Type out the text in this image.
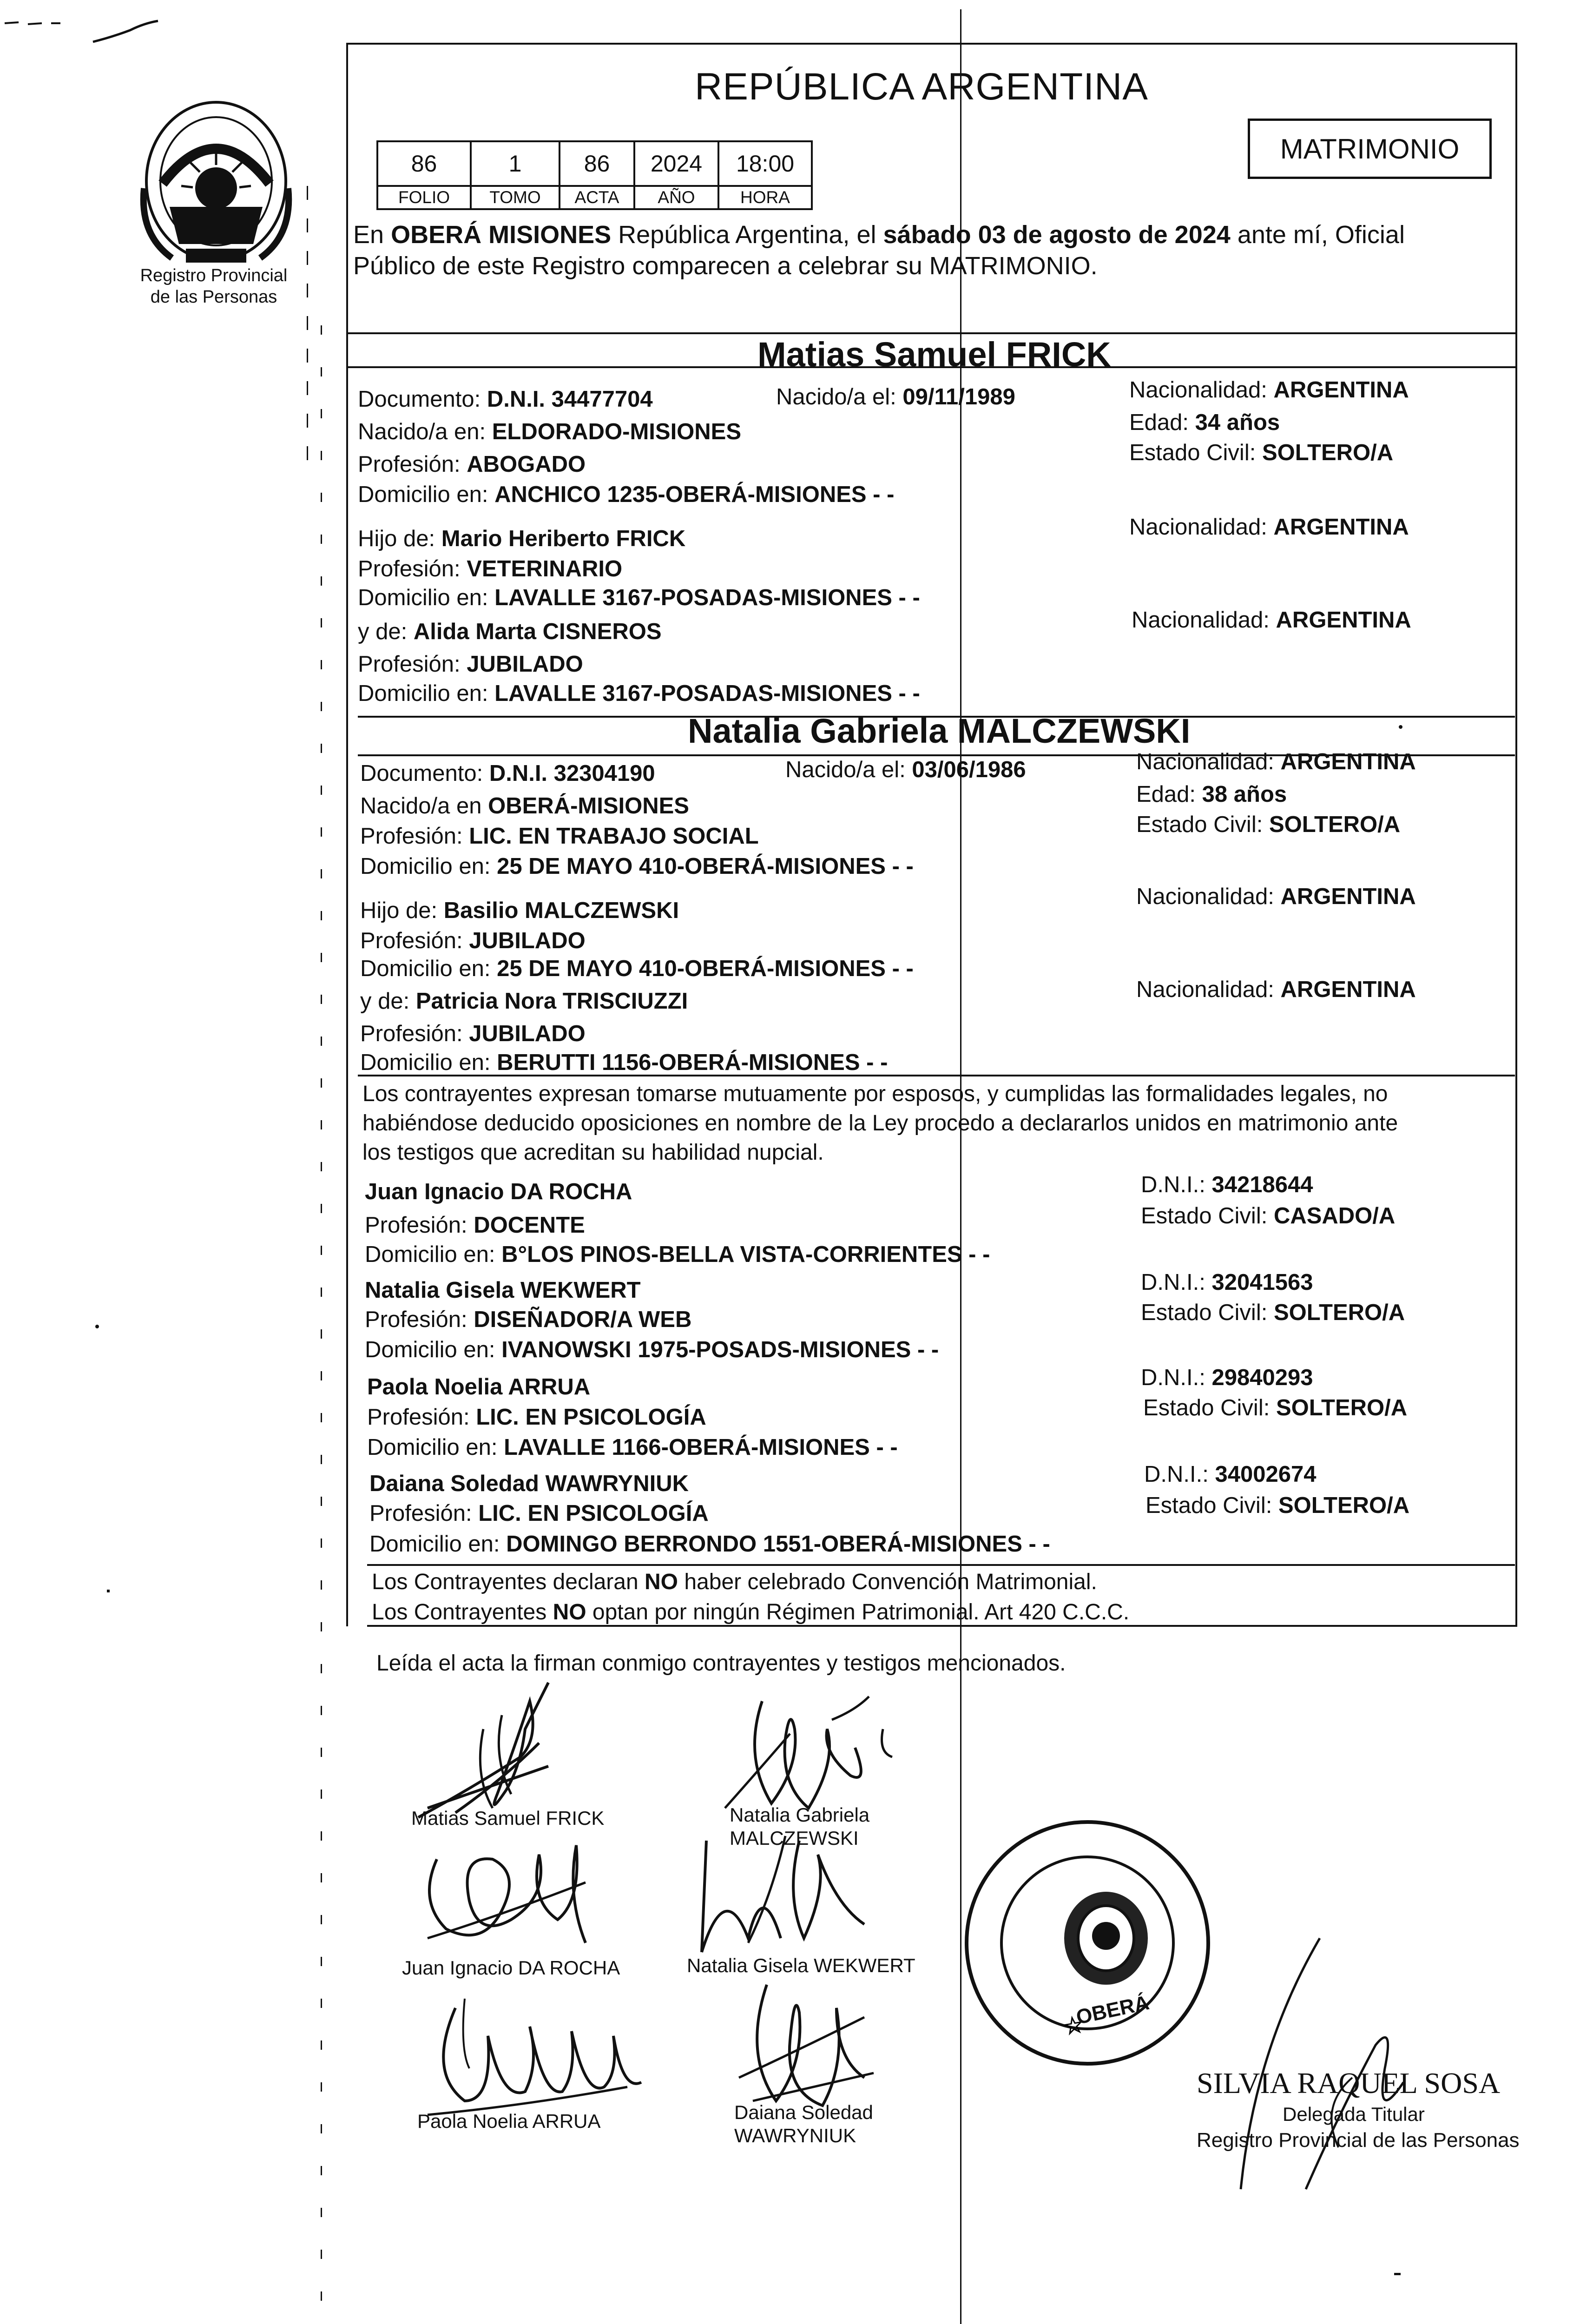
Registro Provincial
de las Personas
REPÚBLICA ARGENTINA
MATRIMONIO
86	1	86	2024	18:00
FOLIO	TOMO	ACTA	AÑO	HORA
En OBERÁ MISIONES República Argentina, el sábado 03 de agosto de 2024 ante mí, Oficial
Público de este Registro comparecen a celebrar su MATRIMONIO.
Matias Samuel FRICK
Documento: D.N.I. 34477704	Nacido/a el: 09/11/1989	Nacionalidad: ARGENTINA
Nacido/a en: ELDORADO-MISIONES	Edad: 34 años
Profesión: ABOGADO	Estado Civil: SOLTERO/A
Domicilio en: ANCHICO 1235-OBERÁ-MISIONES - -
Hijo de: Mario Heriberto FRICK	Nacionalidad: ARGENTINA
Profesión: VETERINARIO
Domicilio en: LAVALLE 3167-POSADAS-MISIONES - -
y de: Alida Marta CISNEROS	Nacionalidad: ARGENTINA
Profesión: JUBILADO
Domicilio en: LAVALLE 3167-POSADAS-MISIONES - -
Natalia Gabriela MALCZEWSKI
Documento: D.N.I. 32304190	Nacido/a el: 03/06/1986	Nacionalidad: ARGENTINA
Nacido/a en OBERÁ-MISIONES	Edad: 38 años
Profesión: LIC. EN TRABAJO SOCIAL	Estado Civil: SOLTERO/A
Domicilio en: 25 DE MAYO 410-OBERÁ-MISIONES - -
Hijo de: Basilio MALCZEWSKI
Nacionalidad: ARGENTINA
Profesión: JUBILADO
Domicilio en: 25 DE MAYO 410-OBERÁ-MISIONES - -
y de: Patricia Nora TRISCIUZZI	Nacionalidad: ARGENTINA
Profesión: JUBILADO
Domicilio en: BERUTTI 1156-OBERÁ-MISIONES - -
Los contrayentes expresan tomarse mutuamente por esposos, y cumplidas las formalidades legales, no
habiéndose deducido oposiciones en nombre de la Ley procedo a declararlos unidos en matrimonio ante
los testigos que acreditan su habilidad nupcial.
Juan Ignacio DA ROCHA
Profesión: DOCENTE
Domicilio en: B°LOS PINOS-BELLA VISTA-CORRIENTES - -
D.N.I.: 34218644
Estado Civil: CASADO/A
Natalia Gisela WEKWERT
Profesión: DISEÑADOR/A WEB
Domicilio en: IVANOWSKI 1975-POSADS-MISIONES - -
D.N.I.: 32041563
Estado Civil: SOLTERO/A
Paola Noelia ARRUA
Profesión: LIC. EN PSICOLOGÍA
Domicilio en: LAVALLE 1166-OBERÁ-MISIONES - -
D.N.I.: 29840293
Estado Civil: SOLTERO/A
Daiana Soledad WAWRYNIUK
Profesión: LIC. EN PSICOLOGÍA
Domicilio en: DOMINGO BERRONDO 1551-OBERÁ-MISIONES - -
D.N.I.: 34002674
Estado Civil: SOLTERO/A
Los Contrayentes declaran NO haber celebrado Convención Matrimonial.
Los Contrayentes NO optan por ningún Régimen Patrimonial. Art 420 C.C.C.
Leída el acta la firman conmigo contrayentes y testigos mencionados.
Matias Samuel FRICK	Natalia Gabriela
MALCZEWSKI
Juan Ignacio DA ROCHA	Natalia Gisela WEKWERT
Paola Noelia ARRUA	Daiana Soledad
WAWRYNIUK
☆
OBERÁ
SILVIA RAQUEL SOSA
Delegada Titular
Registro Provincial de las Personas
